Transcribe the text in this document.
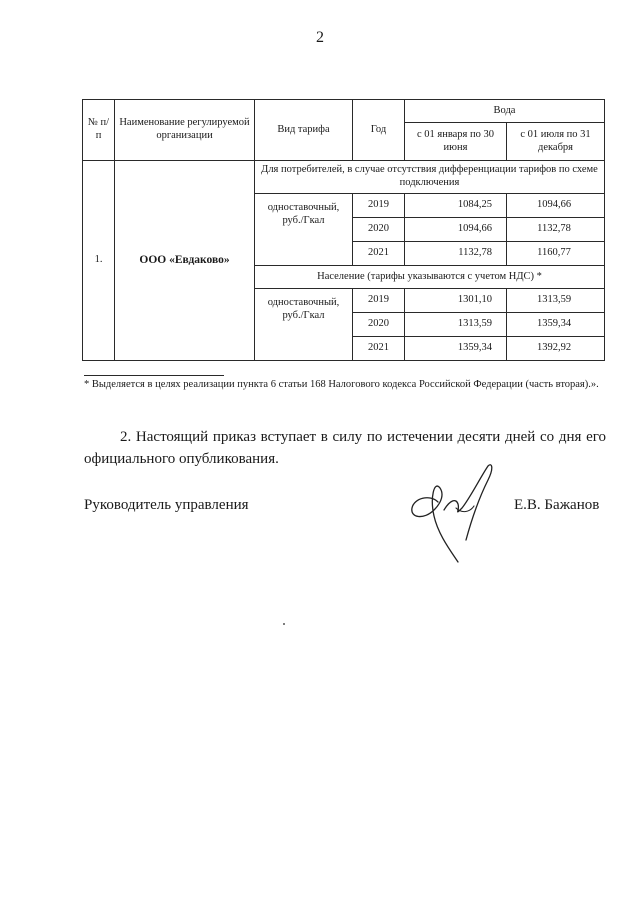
2
№ п/п	Наименование регулируемой организации	Вид тарифа	Год	Вода	
				с 01 января по 30 июня	с 01 июля по 31 декабря
1.	ООО «Евдаково»	Для потребителей, в случае отсутствия дифференциации тарифов по схеме подключения			
		одноставочный, руб./Гкал	2019	1084,25	1094,66
			2020	1094,66	1132,78
			2021	1132,78	1160,77
		Население (тарифы указываются с учетом НДС) *			
		одноставочный, руб./Гкал	2019	1301,10	1313,59
			2020	1313,59	1359,34
			2021	1359,34	1392,92
* Выделяется в целях реализации пункта 6 статьи 168 Налогового кодекса Российской Федерации (часть вторая).».
2. Настоящий приказ вступает в силу по истечении десяти дней со дня его официального опубликования.
Руководитель управления	Е.В. Бажанов
